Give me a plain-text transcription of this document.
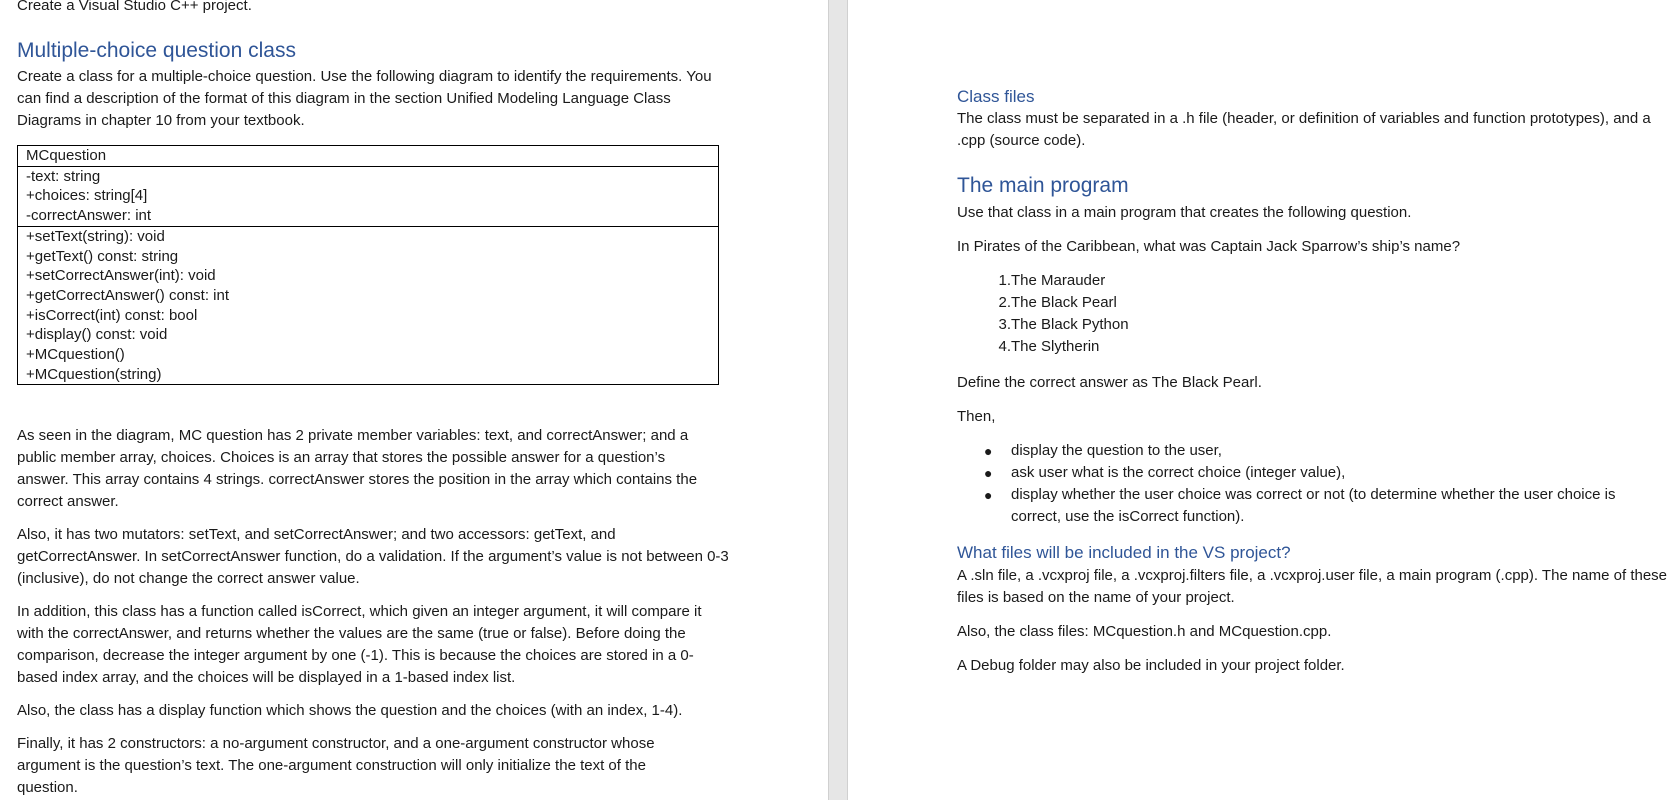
Create a Visual Studio C++ project.
Multiple-choice question class
Create a class for a multiple-choice question. Use the following diagram to identify the requirements. You can find a description of the format of this diagram in the section Unified Modeling Language Class Diagrams in chapter 10 from your textbook.
MCquestion
-text: string
+choices: string[4]
-correctAnswer: int
+setText(string): void
+getText() const: string
+setCorrectAnswer(int): void
+getCorrectAnswer() const: int
+isCorrect(int) const: bool
+display() const: void
+MCquestion()
+MCquestion(string)
As seen in the diagram, MC question has 2 private member variables: text, and correctAnswer; and a public member array, choices. Choices is an array that stores the possible answer for a question’s answer. This array contains 4 strings. correctAnswer stores the position in the array which contains the correct answer.
Also, it has two mutators: setText, and setCorrectAnswer; and two accessors: getText, and getCorrectAnswer. In setCorrectAnswer function, do a validation. If the argument’s value is not between 0-3 (inclusive), do not change the correct answer value.
In addition, this class has a function called isCorrect, which given an integer argument, it will compare it with the correctAnswer, and returns whether the values are the same (true or false). Before doing the comparison, decrease the integer argument by one (-1). This is because the choices are stored in a 0-based index array, and the choices will be displayed in a 1-based index list.
Also, the class has a display function which shows the question and the choices (with an index, 1-4).
Finally, it has 2 constructors: a no-argument constructor, and a one-argument constructor whose argument is the question’s text. The one-argument construction will only initialize the text of the question.
Class files
The class must be separated in a .h file (header, or definition of variables and function prototypes), and a .cpp (source code).
The main program
Use that class in a main program that creates the following question.
In Pirates of the Caribbean, what was Captain Jack Sparrow’s ship’s name?
1. The Marauder
2. The Black Pearl
3. The Black Python
4. The Slytherin
Define the correct answer as The Black Pearl.
Then,
● display the question to the user,
● ask user what is the correct choice (integer value),
● display whether the user choice was correct or not (to determine whether the user choice is correct, use the isCorrect function).
What files will be included in the VS project?
A .sln file, a .vcxproj file, a .vcxproj.filters file, a .vcxproj.user file, a main program (.cpp). The name of these files is based on the name of your project.
Also, the class files: MCquestion.h and MCquestion.cpp.
A Debug folder may also be included in your project folder.
